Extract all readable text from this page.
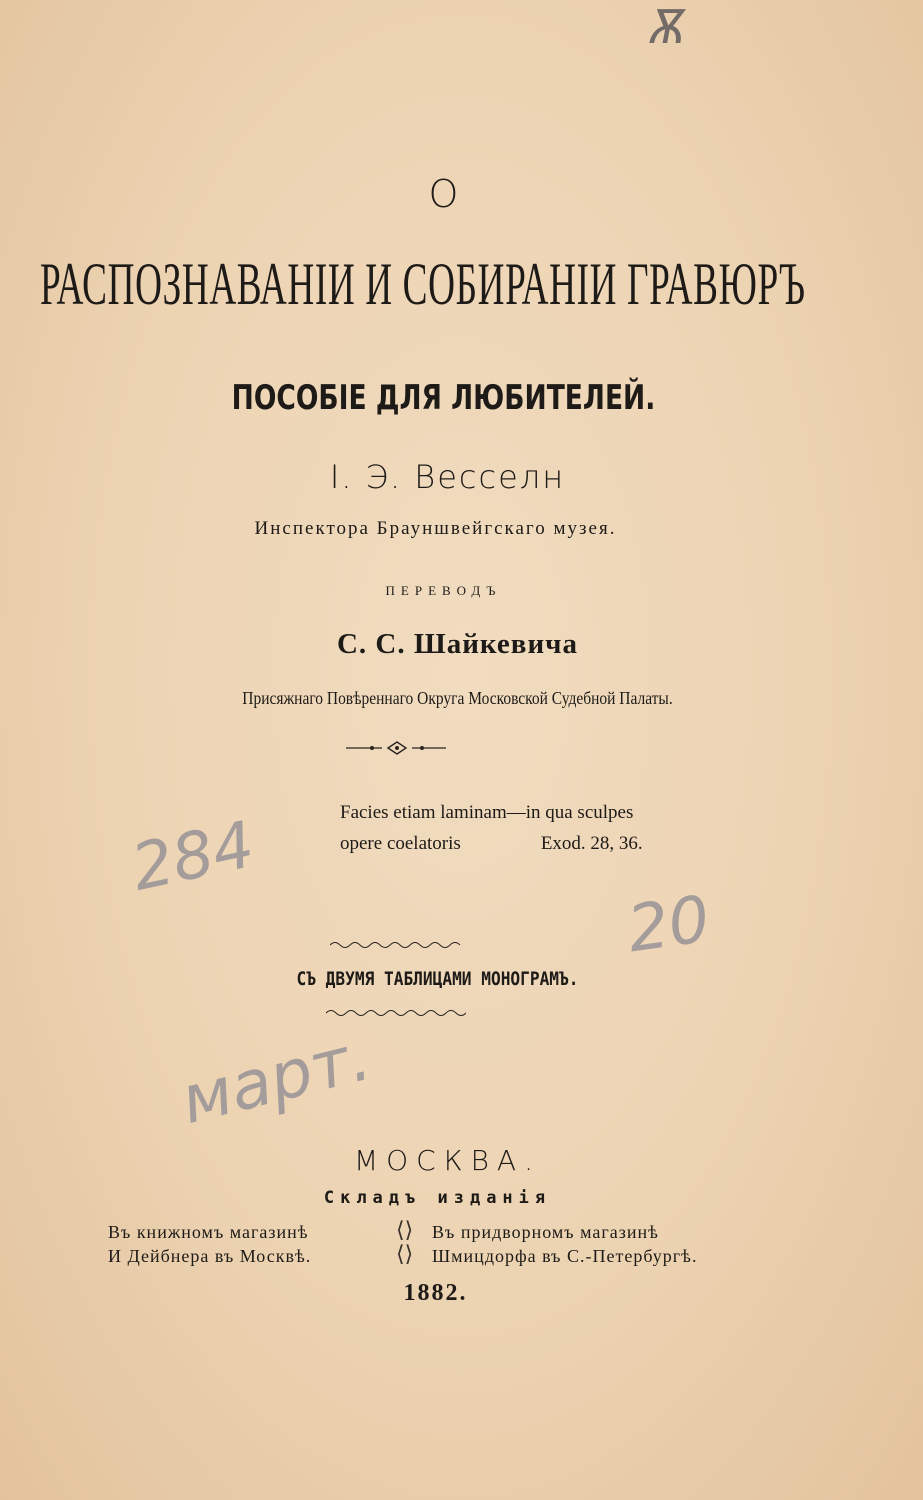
Ѫ
284
20
март.
О
РАСПОЗНАВАНІИ И СОБИРАНІИ ГРАВЮРЪ
ПОСОБІЕ ДЛЯ ЛЮБИТЕЛЕЙ.
І. Э. Весселн
Инспектора Брауншвейгскаго музея.
ПЕРЕВОДЪ
С. С. Шайкевича
Присяжнаго Повѣреннаго Округа Московской Судебной Палаты.
Facies etiam laminam—in qua sculpes
opere coelatoris	Exod. 28, 36.
СЪ ДВУМЯ ТАБЛИЦАМИ МОНОГРАМЪ.
МОСКВА.
Складъ изданія
Въ книжномъ магазинѣ
И Дейбнера въ Москвѣ.
⟨⟩
⟨⟩
Въ придворномъ магазинѣ
Шмицдорфа въ С.-Петербургѣ.
1882.
